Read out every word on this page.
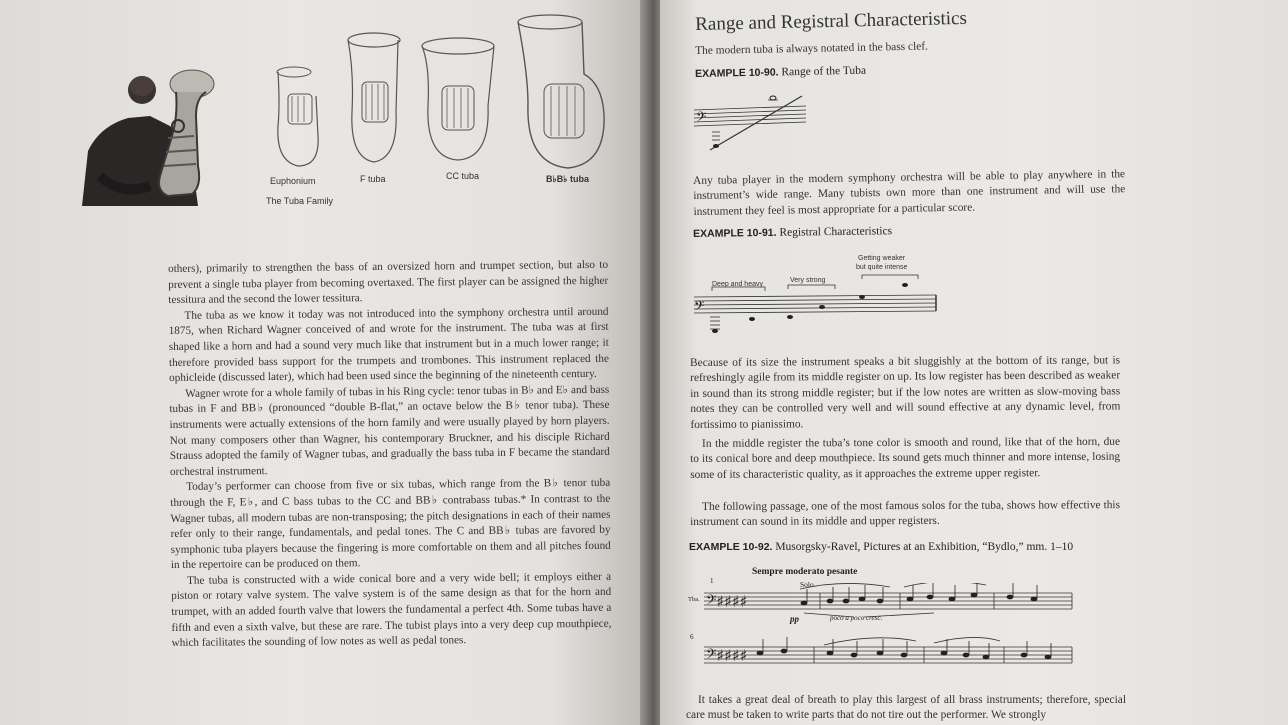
Euphonium	F tuba	CC tuba	B♭B♭ tuba
The Tuba Family

others), primarily to strengthen the bass of an oversized horn and trumpet section, but also to prevent a single tuba player from becoming overtaxed. The first player can be assigned the higher tessitura and the second the lower tessitura.

The tuba as we know it today was not introduced into the symphony orchestra until around 1875, when Richard Wagner conceived of and wrote for the instrument. The tuba was at first shaped like a horn and had a sound very much like that instrument but in a much lower range; it therefore provided bass support for the trumpets and trombones. This instrument replaced the ophicleide (discussed later), which had been used since the beginning of the nineteenth century.

Wagner wrote for a whole family of tubas in his Ring cycle: tenor tubas in B♭ and E♭ and bass tubas in F and BB♭ (pronounced “double B-flat,” an octave below the B♭ tenor tuba). These instruments were actually extensions of the horn family and were usually played by horn players. Not many composers other than Wagner, his contemporary Bruckner, and his disciple Richard Strauss adopted the family of Wagner tubas, and gradually the bass tuba in F became the standard orchestral instrument.

Today’s performer can choose from five or six tubas, which range from the B♭ tenor tuba through the F, E♭, and C bass tubas to the CC and BB♭ contrabass tubas.* In contrast to the Wagner tubas, all modern tubas are non-transposing; the pitch designations in each of their names refer only to their range, fundamentals, and pedal tones. The C and BB♭ tubas are favored by symphonic tuba players because the fingering is more comfortable on them and all pitches found in the repertoire can be produced on them.

The tuba is constructed with a wide conical bore and a very wide bell; it employs either a piston or rotary valve system. The valve system is of the same design as that for the horn and trumpet, with an added fourth valve that lowers the fundamental a perfect 4th. Some tubas have a fifth and even a sixth valve, but these are rare. The tubist plays into a very deep cup mouthpiece, which facilitates the sounding of low notes as well as pedal tones.

Range and Registral Characteristics
The modern tuba is always notated in the bass clef.
EXAMPLE 10-90. Range of the Tuba
𝄢
Any tuba player in the modern symphony orchestra will be able to play anywhere in the instrument’s wide range. Many tubists own more than one instrument and will use the instrument they feel is most appropriate for a particular score.
EXAMPLE 10-91. Registral Characteristics
Deep and heavy
Very strong
Getting weaker
but quite intense
𝄢
Because of its size the instrument speaks a bit sluggishly at the bottom of its range, but is refreshingly agile from its middle register on up. Its low register has been described as weaker in sound than its strong middle register; but if the low notes are written as slow-moving bass notes they can be controlled very well and will sound effective at any dynamic level, from fortissimo to pianissimo.
In the middle register the tuba’s tone color is smooth and round, like that of the horn, due to its conical bore and deep mouthpiece. Its sound gets much thinner and more intense, losing some of its characteristic quality, as it approaches the extreme upper register.
The following passage, one of the most famous solos for the tuba, shows how effective this instrument can sound in its middle and upper registers.
EXAMPLE 10-92. Musorgsky-Ravel, Pictures at an Exhibition, “Bydlo,” mm. 1–10
Sempre moderato pesante
Solo
1
Tba.
pp	poco a poco cresc.
6
𝄢♯♯♯♯
𝄢♯♯♯♯
It takes a great deal of breath to play this largest of all brass instruments; therefore, special care must be taken to write parts that do not tire out the performer. We strongly
